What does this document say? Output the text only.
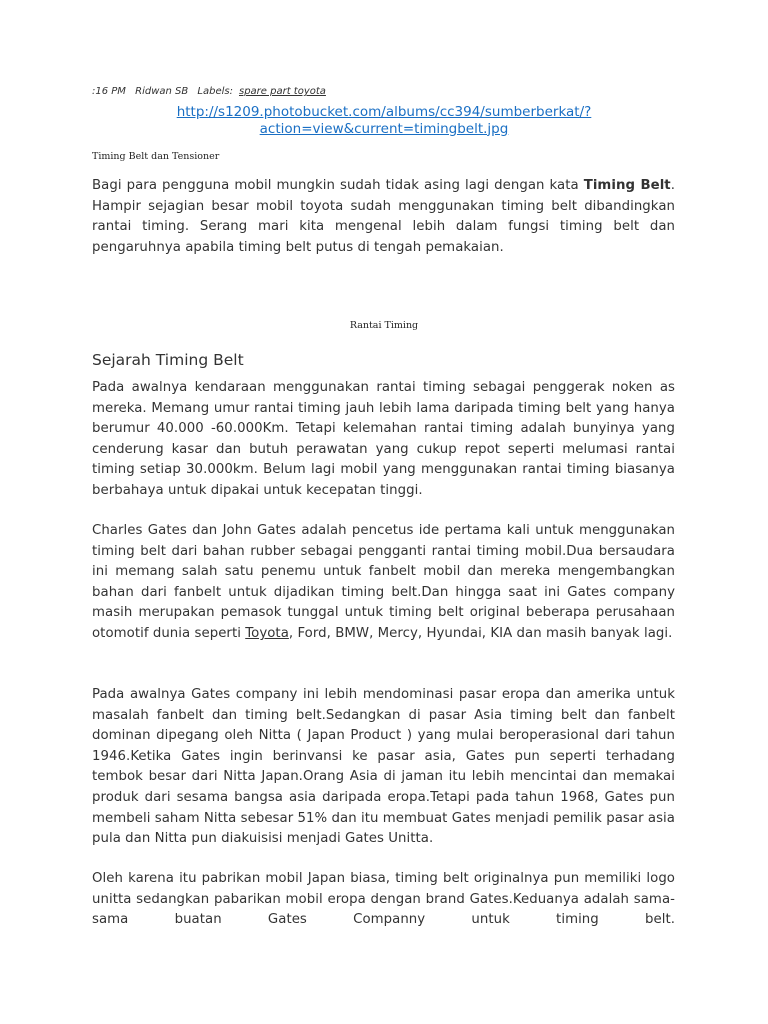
:16 PM Ridwan SB Labels: spare part toyota
http://s1209.photobucket.com/albums/cc394/sumberberkat/?
action=view&current=timingbelt.jpg
Timing Belt dan Tensioner

Bagi para pengguna mobil mungkin sudah tidak asing lagi dengan kata Timing Belt. Hampir sejagian besar mobil toyota sudah menggunakan timing belt dibandingkan rantai timing. Serang mari kita mengenal lebih dalam fungsi timing belt dan pengaruhnya apabila timing belt putus di tengah pemakaian.

Rantai Timing
Sejarah Timing Belt

Pada awalnya kendaraan menggunakan rantai timing sebagai penggerak noken as mereka. Memang umur rantai timing jauh lebih lama daripada timing belt yang hanya berumur 40.000 -60.000Km. Tetapi kelemahan rantai timing adalah bunyinya yang cenderung kasar dan butuh perawatan yang cukup repot seperti melumasi rantai timing setiap 30.000km. Belum lagi mobil yang menggunakan rantai timing biasanya berbahaya untuk dipakai untuk kecepatan tinggi.

Charles Gates dan John Gates adalah pencetus ide pertama kali untuk menggunakan timing belt dari bahan rubber sebagai pengganti rantai timing mobil.Dua bersaudara ini memang salah satu penemu untuk fanbelt mobil dan mereka mengembangkan bahan dari fanbelt untuk dijadikan timing belt.Dan hingga saat ini Gates company masih merupakan pemasok tunggal untuk timing belt original beberapa perusahaan otomotif dunia seperti Toyota, Ford, BMW, Mercy, Hyundai, KIA dan masih banyak lagi.

Pada awalnya Gates company ini lebih mendominasi pasar eropa dan amerika untuk masalah fanbelt dan timing belt.Sedangkan di pasar Asia timing belt dan fanbelt dominan dipegang oleh Nitta ( Japan Product ) yang mulai beroperasional dari tahun 1946.Ketika Gates ingin berinvansi ke pasar asia, Gates pun seperti terhadang tembok besar dari Nitta Japan.Orang Asia di jaman itu lebih mencintai dan memakai produk dari sesama bangsa asia daripada eropa.Tetapi pada tahun 1968, Gates pun membeli saham Nitta sebesar 51% dan itu membuat Gates menjadi pemilik pasar asia pula dan Nitta pun diakuisisi menjadi Gates Unitta.

Oleh karena itu pabrikan mobil Japan biasa, timing belt originalnya pun memiliki logo unitta sedangkan pabarikan mobil eropa dengan brand Gates.Keduanya adalah sama-sama buatan Gates Companny untuk timing belt.
